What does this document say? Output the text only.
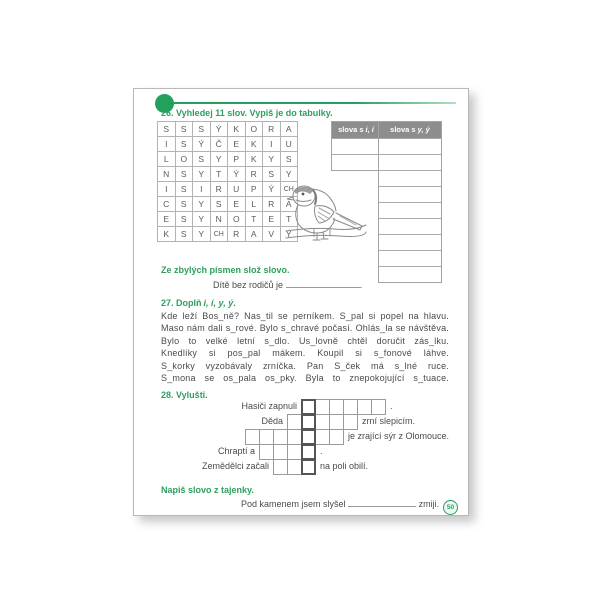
26. Vyhledej 11 slov. Vypiš je do tabulky.
S	S	S	Ý	K	O	R	A
I	S	Ý	Č	E	K	I	U
L	O	S	Y	P	K	Y	S
N	S	Y	T	Ý	R	S	Y
I	S	I	R	U	P	Ý	CH
C	S	Y	S	E	L	R	A
E	S	Y	N	O	T	E	T
K	S	Y	CH	R	A	V	Ý
slova s i, í	slova s y, ý
Ze zbylých písmen slož slovo.
Dítě bez rodičů je	.
27. Doplň i, í, y, ý.
Kde leží Bos_ně? Nas_til se perníkem. S_pal si popel na hlavu.
Maso nám dali s_rové. Bylo s_chravé počasí. Ohlás_la se návštěva.
Bylo to velké letní s_dlo. Us_lovně chtěl doručit zás_lku.
Knedlíky si pos_pal mákem. Koupil si s_fonové láhve.
S_korky vyzobávaly zrníčka. Pan S_ček má s_lné ruce.
S_mona se os_pala os_pky. Byla to znepokojující s_tuace.
28. Vylušti.
Hasiči zapnuli	.
Děda	zrní slepicím.
je zrající sýr z Olomouce.
Chraptí a	.
Zemědělci začali	na poli obilí.
Napiš slovo z tajenky.
Pod kamenem jsem slyšel	zmiji.	50
